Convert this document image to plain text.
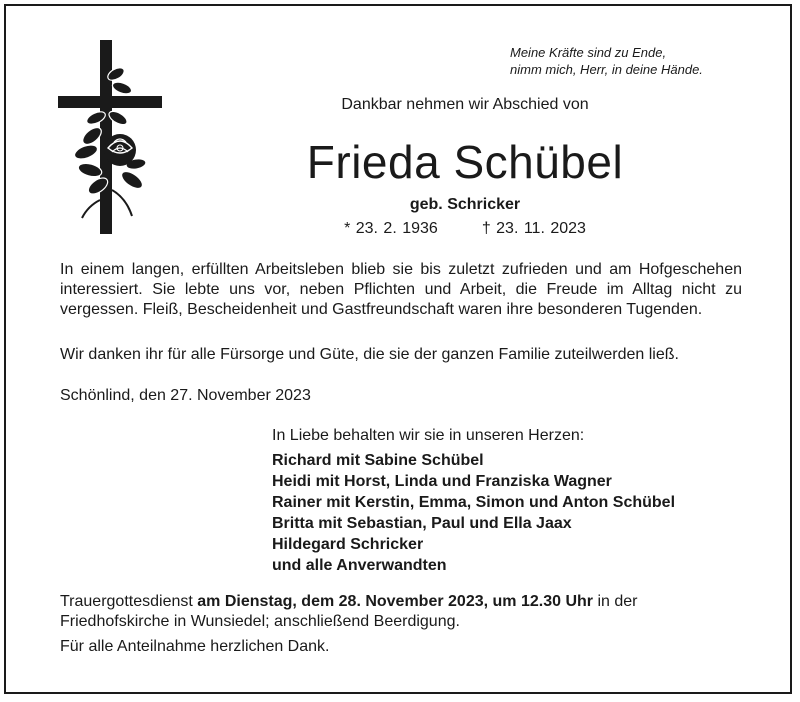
Meine Kräfte sind zu Ende,
nimm mich, Herr, in deine Hände.
Dankbar nehmen wir Abschied von
Frieda Schübel
geb. Schricker
* 23. 2. 1936	† 23. 11. 2023
In einem langen, erfüllten Arbeitsleben blieb sie bis zuletzt zufrieden und am Hofgeschehen interessiert. Sie lebte uns vor, neben Pflichten und Arbeit, die Freude im Alltag nicht zu vergessen. Fleiß, Bescheidenheit und Gastfreundschaft waren ihre besonderen Tugenden.
Wir danken ihr für alle Fürsorge und Güte, die sie der ganzen Familie zuteilwerden ließ.
Schönlind, den 27. November 2023
In Liebe behalten wir sie in unseren Herzen:
Richard mit Sabine Schübel
Heidi mit Horst, Linda und Franziska Wagner
Rainer mit Kerstin, Emma, Simon und Anton Schübel
Britta mit Sebastian, Paul und Ella Jaax
Hildegard Schricker
und alle Anverwandten
Trauergottesdienst am Dienstag, dem 28. November 2023, um 12.30 Uhr in der Friedhofskirche in Wunsiedel; anschließend Beerdigung.
Für alle Anteilnahme herzlichen Dank.
